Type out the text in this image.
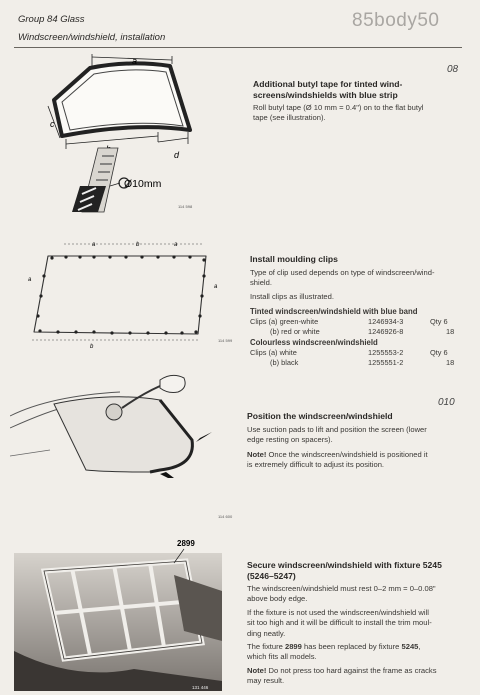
Group 84 Glass
Windscreen/windshield, installation
85body50
a
c
d
Ø10mm
114 598
08
Additional butyl tape for tinted wind-
screens/windshields with blue strip
Roll butyl tape (Ø 10 mm = 0.4") on to the flat butyl
tape (see illustration).
a	b	a
a
a
b
114 599
Install moulding clips
Type of clip used depends on type of windscreen/wind-
shield.
Install clips as illustrated.
Tinted windscreen/windshield with blue band
Clips (a) green-white	1246934-3	Qty 6
(b) red or white	1246926-8	18
Colourless windscreen/windshield
Clips (a) white	1255553-2	Qty 6
(b) black	1255551-2	18
114 600
010
Position the windscreen/windshield
Use suction pads to lift and position the screen (lower
edge resting on spacers).
Note! Once the windscreen/windshield is positioned it
is extremely difficult to adjust its position.
2899
131 446
Secure windscreen/windshield with fixture 5245
(5246–5247)
The windscreen/windshield must rest 0–2 mm = 0–0.08"
above body edge.
If the fixture is not used the windscreen/windshield will
sit too high and it will be difficult to install the trim moul-
ding neatly.
The fixture 2899 has been replaced by fixture 5245,
which fits all models.
Note! Do not press too hard against the frame as cracks
may result.
